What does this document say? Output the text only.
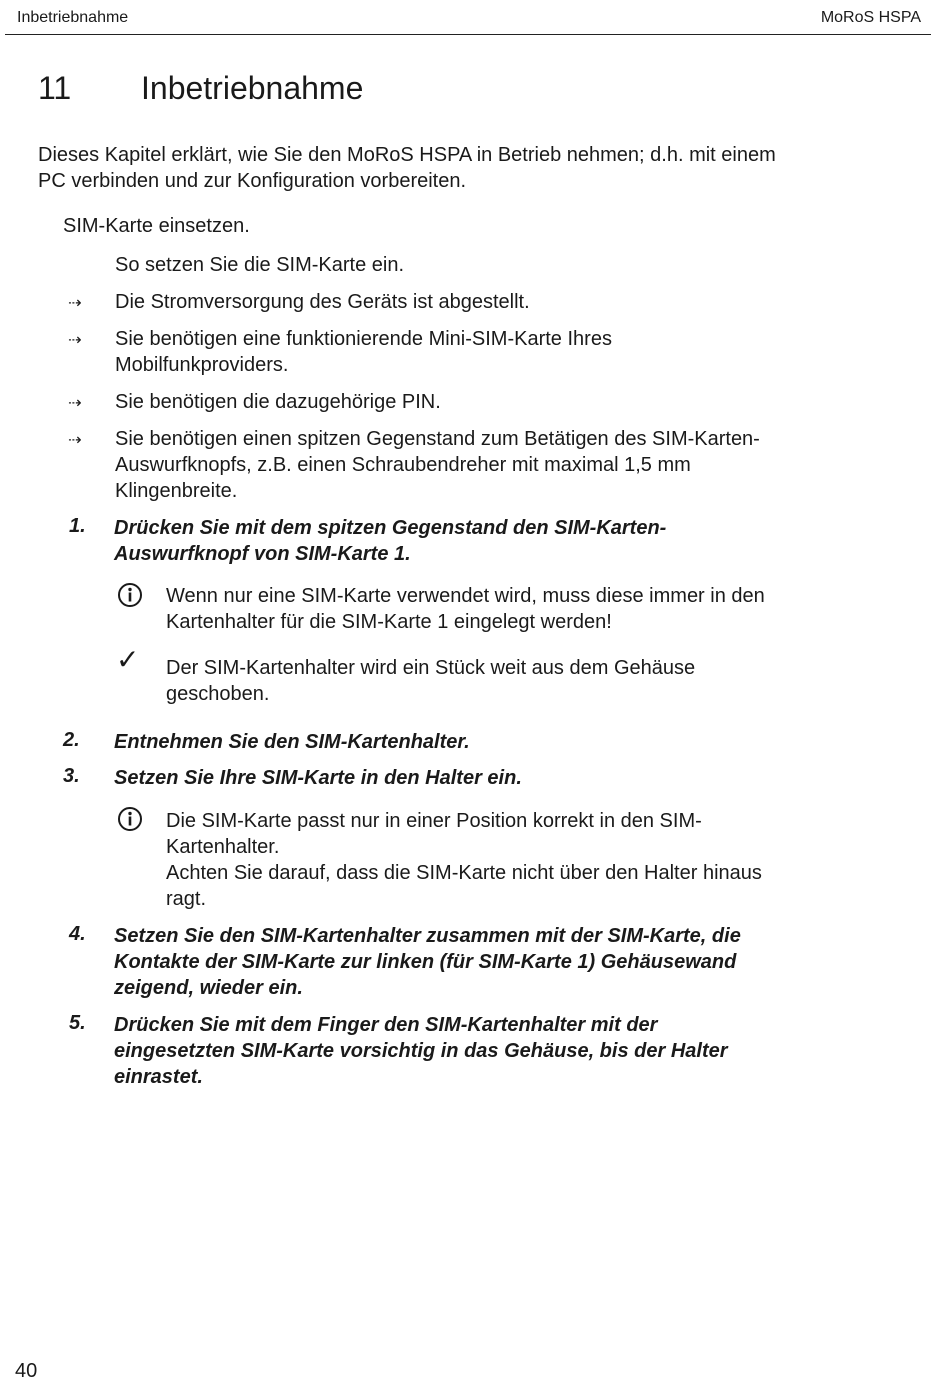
Inbetriebnahme	MoRoS HSPA
11 Inbetriebnahme
Dieses Kapitel erklärt, wie Sie den MoRoS HSPA in Betrieb nehmen; d.h. mit einem
PC verbinden und zur Konfiguration vorbereiten.
SIM-Karte einsetzen.
So setzen Sie die SIM-Karte ein.
⇢ Die Stromversorgung des Geräts ist abgestellt.
⇢ Sie benötigen eine funktionierende Mini-SIM-Karte Ihres
Mobilfunkproviders.
⇢ Sie benötigen die dazugehörige PIN.
⇢ Sie benötigen einen spitzen Gegenstand zum Betätigen des SIM-Karten-
Auswurfknopfs, z.B. einen Schraubendreher mit maximal 1,5 mm
Klingenbreite.
1. Drücken Sie mit dem spitzen Gegenstand den SIM-Karten-
Auswurfknopf von SIM-Karte 1.
Wenn nur eine SIM-Karte verwendet wird, muss diese immer in den
Kartenhalter für die SIM-Karte 1 eingelegt werden!
✓ Der SIM-Kartenhalter wird ein Stück weit aus dem Gehäuse
geschoben.
2. Entnehmen Sie den SIM-Kartenhalter.
3. Setzen Sie Ihre SIM-Karte in den Halter ein.
Die SIM-Karte passt nur in einer Position korrekt in den SIM-
Kartenhalter.
Achten Sie darauf, dass die SIM-Karte nicht über den Halter hinaus
ragt.
4. Setzen Sie den SIM-Kartenhalter zusammen mit der SIM-Karte, die
Kontakte der SIM-Karte zur linken (für SIM-Karte 1) Gehäusewand
zeigend, wieder ein.
5. Drücken Sie mit dem Finger den SIM-Kartenhalter mit der
eingesetzten SIM-Karte vorsichtig in das Gehäuse, bis der Halter
einrastet.
40
